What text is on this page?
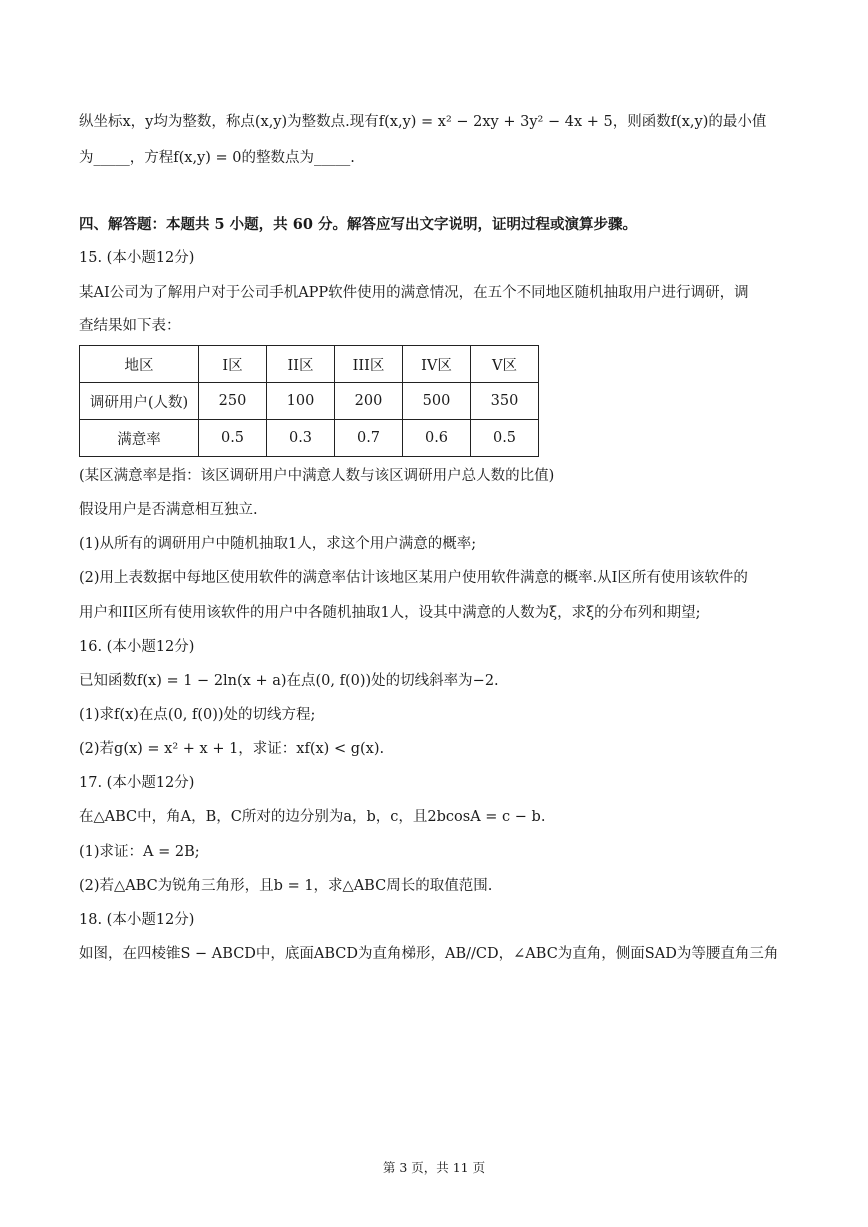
纵坐标x，y均为整数，称点(x,y)为整数点.现有f(x,y) = x² − 2xy + 3y² − 4x + 5，则函数f(x,y)的最小值
为_____，方程f(x,y) = 0的整数点为_____.
四、解答题：本题共 5 小题，共 60 分。解答应写出文字说明，证明过程或演算步骤。
15. (本小题12分)
某AI公司为了解用户对于公司手机APP软件使用的满意情况，在五个不同地区随机抽取用户进行调研，调
查结果如下表：
地区	I区	II区	III区	IV区	V区
调研用户(人数)	250	100	200	500	350
满意率	0.5	0.3	0.7	0.6	0.5
(某区满意率是指：该区调研用户中满意人数与该区调研用户总人数的比值)
假设用户是否满意相互独立.
(1)从所有的调研用户中随机抽取1人，求这个用户满意的概率;
(2)用上表数据中每地区使用软件的满意率估计该地区某用户使用软件满意的概率.从I区所有使用该软件的
用户和II区所有使用该软件的用户中各随机抽取1人，设其中满意的人数为ξ，求ξ的分布列和期望;
16. (本小题12分)
已知函数f(x) = 1 − 2ln(x + a)在点(0, f(0))处的切线斜率为−2.
(1)求f(x)在点(0, f(0))处的切线方程;
(2)若g(x) = x² + x + 1，求证：xf(x) < g(x).
17. (本小题12分)
在△ABC中，角A，B，C所对的边分别为a，b，c，且2bcosA = c − b.
(1)求证：A = 2B;
(2)若△ABC为锐角三角形，且b = 1，求△ABC周长的取值范围.
18. (本小题12分)
如图，在四棱锥S − ABCD中，底面ABCD为直角梯形，AB//CD，∠ABC为直角，侧面SAD为等腰直角三角
第 3 页，共 11 页
